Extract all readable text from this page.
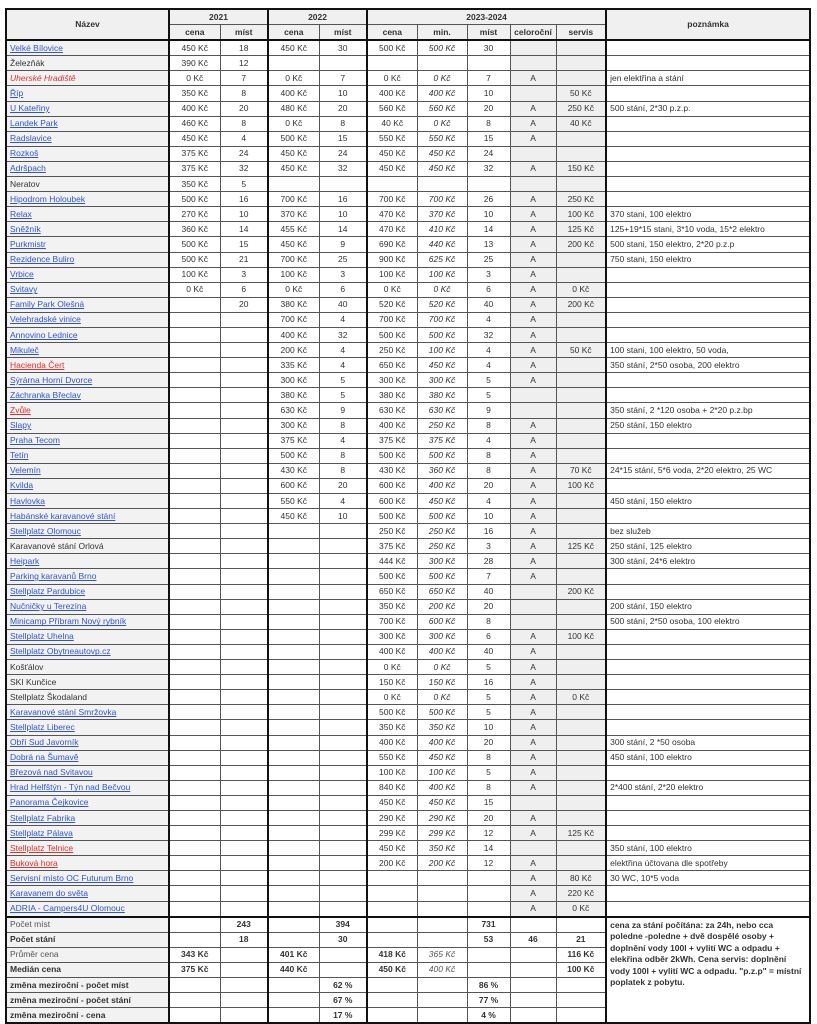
Název	2021		2022		2023-2024					poznámka
	cena	míst	cena	míst	cena	min.	míst	celoroční	servis	
Velké Bílovice	450 Kč	18	450 Kč	30	500 Kč	500 Kč	30			
Železňák	390 Kč	12								
Uherské Hradiště	0 Kč	7	0 Kč	7	0 Kč	0 Kč	7	A		jen elektřina a stání
Říp	350 Kč	8	400 Kč	10	400 Kč	400 Kč	10		50 Kč	
U Kateřiny	400 Kč	20	480 Kč	20	560 Kč	560 Kč	20	A	250 Kč	500 stání, 2*30 p.z.p.
Landek Park	460 Kč	8	0 Kč	8	40 Kč	0 Kč	8	A	40 Kč	
Radslavice	450 Kč	4	500 Kč	15	550 Kč	550 Kč	15	A		
Rozkoš	375 Kč	24	450 Kč	24	450 Kč	450 Kč	24			
Adršpach	375 Kč	32	450 Kč	32	450 Kč	450 Kč	32	A	150 Kč	
Neratov	350 Kč	5								
Hipodrom Holoubek	500 Kč	16	700 Kč	16	700 Kč	700 Kč	26	A	250 Kč	
Relax	270 Kč	10	370 Kč	10	470 Kč	370 Kč	10	A	100 Kč	370 stani, 100 elektro
Sněžník	360 Kč	14	455 Kč	14	470 Kč	410 Kč	14	A	125 Kč	125+19*15 stani, 3*10 voda, 15*2 elektro
Purkmistr	500 Kč	15	450 Kč	9	690 Kč	440 Kč	13	A	200 Kč	500 stani, 150 elektro, 2*20 p.z.p
Rezidence Buliro	500 Kč	21	700 Kč	25	900 Kč	625 Kč	25	A		750 stani, 150 elektro
Vrbice	100 Kč	3	100 Kč	3	100 Kč	100 Kč	3	A		
Svitavy	0 Kč	6	0 Kč	6	0 Kč	0 Kč	6	A	0 Kč	
Family Park Olešná		20	380 Kč	40	520 Kč	520 Kč	40	A	200 Kč	
Velehradské vinice			700 Kč	4	700 Kč	700 Kč	4	A		
Annovino Lednice			400 Kč	32	500 Kč	500 Kč	32	A		
Mikuleč			200 Kč	4	250 Kč	100 Kč	4	A	50 Kč	100 stani, 100 elektro, 50 voda,
Hacienda Čert			335 Kč	4	650 Kč	450 Kč	4	A		350 stání, 2*50 osoba, 200 elektro
Sýrárna Horní Dvorce			300 Kč	5	300 Kč	300 Kč	5	A		
Záchranka Břeclav			380 Kč	5	380 Kč	380 Kč	5			
Zvůle			630 Kč	9	630 Kč	630 Kč	9			350 stání, 2 *120 osoba + 2*20 p.z.bp
Slapy			300 Kč	8	400 Kč	250 Kč	8	A		250 stání, 150 elektro
Praha Tecom			375 Kč	4	375 Kč	375 Kč	4	A		
Tetín			500 Kč	8	500 Kč	500 Kč	8	A		
Velemín			430 Kč	8	430 Kč	360 Kč	8	A	70 Kč	24*15 stání, 5*6 voda, 2*20 elektro, 25 WC
Kvilda			600 Kč	20	600 Kč	400 Kč	20	A	100 Kč	
Havlovka			550 Kč	4	600 Kč	450 Kč	4	A		450 stání, 150 elektro
Habánské karavanové stání			450 Kč	10	500 Kč	500 Kč	10	A		
Stellplatz Olomouc					250 Kč	250 Kč	16	A		bez služeb
Karavanové stání Orlová					375 Kč	250 Kč	3	A	125 Kč	250 stání, 125 elektro
Heipark					444 Kč	300 Kč	28	A		300 stání, 24*6 elektro
Parking karavanů Brno					500 Kč	500 Kč	7	A		
Stellplatz Pardubice					650 Kč	650 Kč	40		200 Kč	
Nučničky u Terezína					350 Kč	200 Kč	20			200 stání, 150 elektro
Minicamp Příbram Nový rybník					700 Kč	600 Kč	8			500 stání, 2*50 osoba, 100 elektro
Stellplatz Uhelna					300 Kč	300 Kč	6	A	100 Kč	
Stellplatz Obytneautovp.cz					400 Kč	400 Kč	40	A		
Košťálov					0 Kč	0 Kč	5	A		
SKI Kunčice					150 Kč	150 Kč	16	A		
Stellplatz Škodaland					0 Kč	0 Kč	5	A	0 Kč	
Karavanové stání Smržovka					500 Kč	500 Kč	5	A		
Stellplatz Liberec					350 Kč	350 Kč	10	A		
Obří Sud Javorník					400 Kč	400 Kč	20	A		300 stání, 2 *50 osoba
Dobrá na Šumavě					550 Kč	450 Kč	8	A		450 stání, 100 elektro
Březová nad Svitavou					100 Kč	100 Kč	5	A		
Hrad Helfštýn - Týn nad Bečvou					840 Kč	400 Kč	8	A		2*400 stání, 2*20 elektro
Panorama Čejkovice					450 Kč	450 Kč	15			
Stellplatz Fabrika					290 Kč	290 Kč	20	A		
Stellplatz Pálava					299 Kč	299 Kč	12	A	125 Kč	
Stellplatz Telnice					450 Kč	350 Kč	14			350 stání, 100 elektro
Buková hora					200 Kč	200 Kč	12	A		elektřina účtovana dle spotřeby
Servisní místo OC Futurum Brno								A	80 Kč	30 WC, 10*5 voda
Karavanem do světa								A	220 Kč	
ADRIA - Campers4U Olomouc								A	0 Kč	
Počet míst		243		394			731			cena za stání počítána: za 24h, nebo cca poledne -poledne + dvě dospělé osoby + doplnění vody 100l + vylití WC a odpadu + elekřina odběr 2kWh. Cena servis: doplnění vody 100l + vylití WC a odpadu. "p.z.p" = místní poplatek z pobytu.
Počet stání		18		30			53	46	21	
Průměr cena	343 Kč		401 Kč		418 Kč	365 Kč			116 Kč	
Medián cena	375 Kč		440 Kč		450 Kč	400 Kč			100 Kč	
změna meziroční - počet míst				62 %			86 %			
změna meziroční - počet stání				67 %			77 %			
změna meziroční - cena				17 %			4 %			
